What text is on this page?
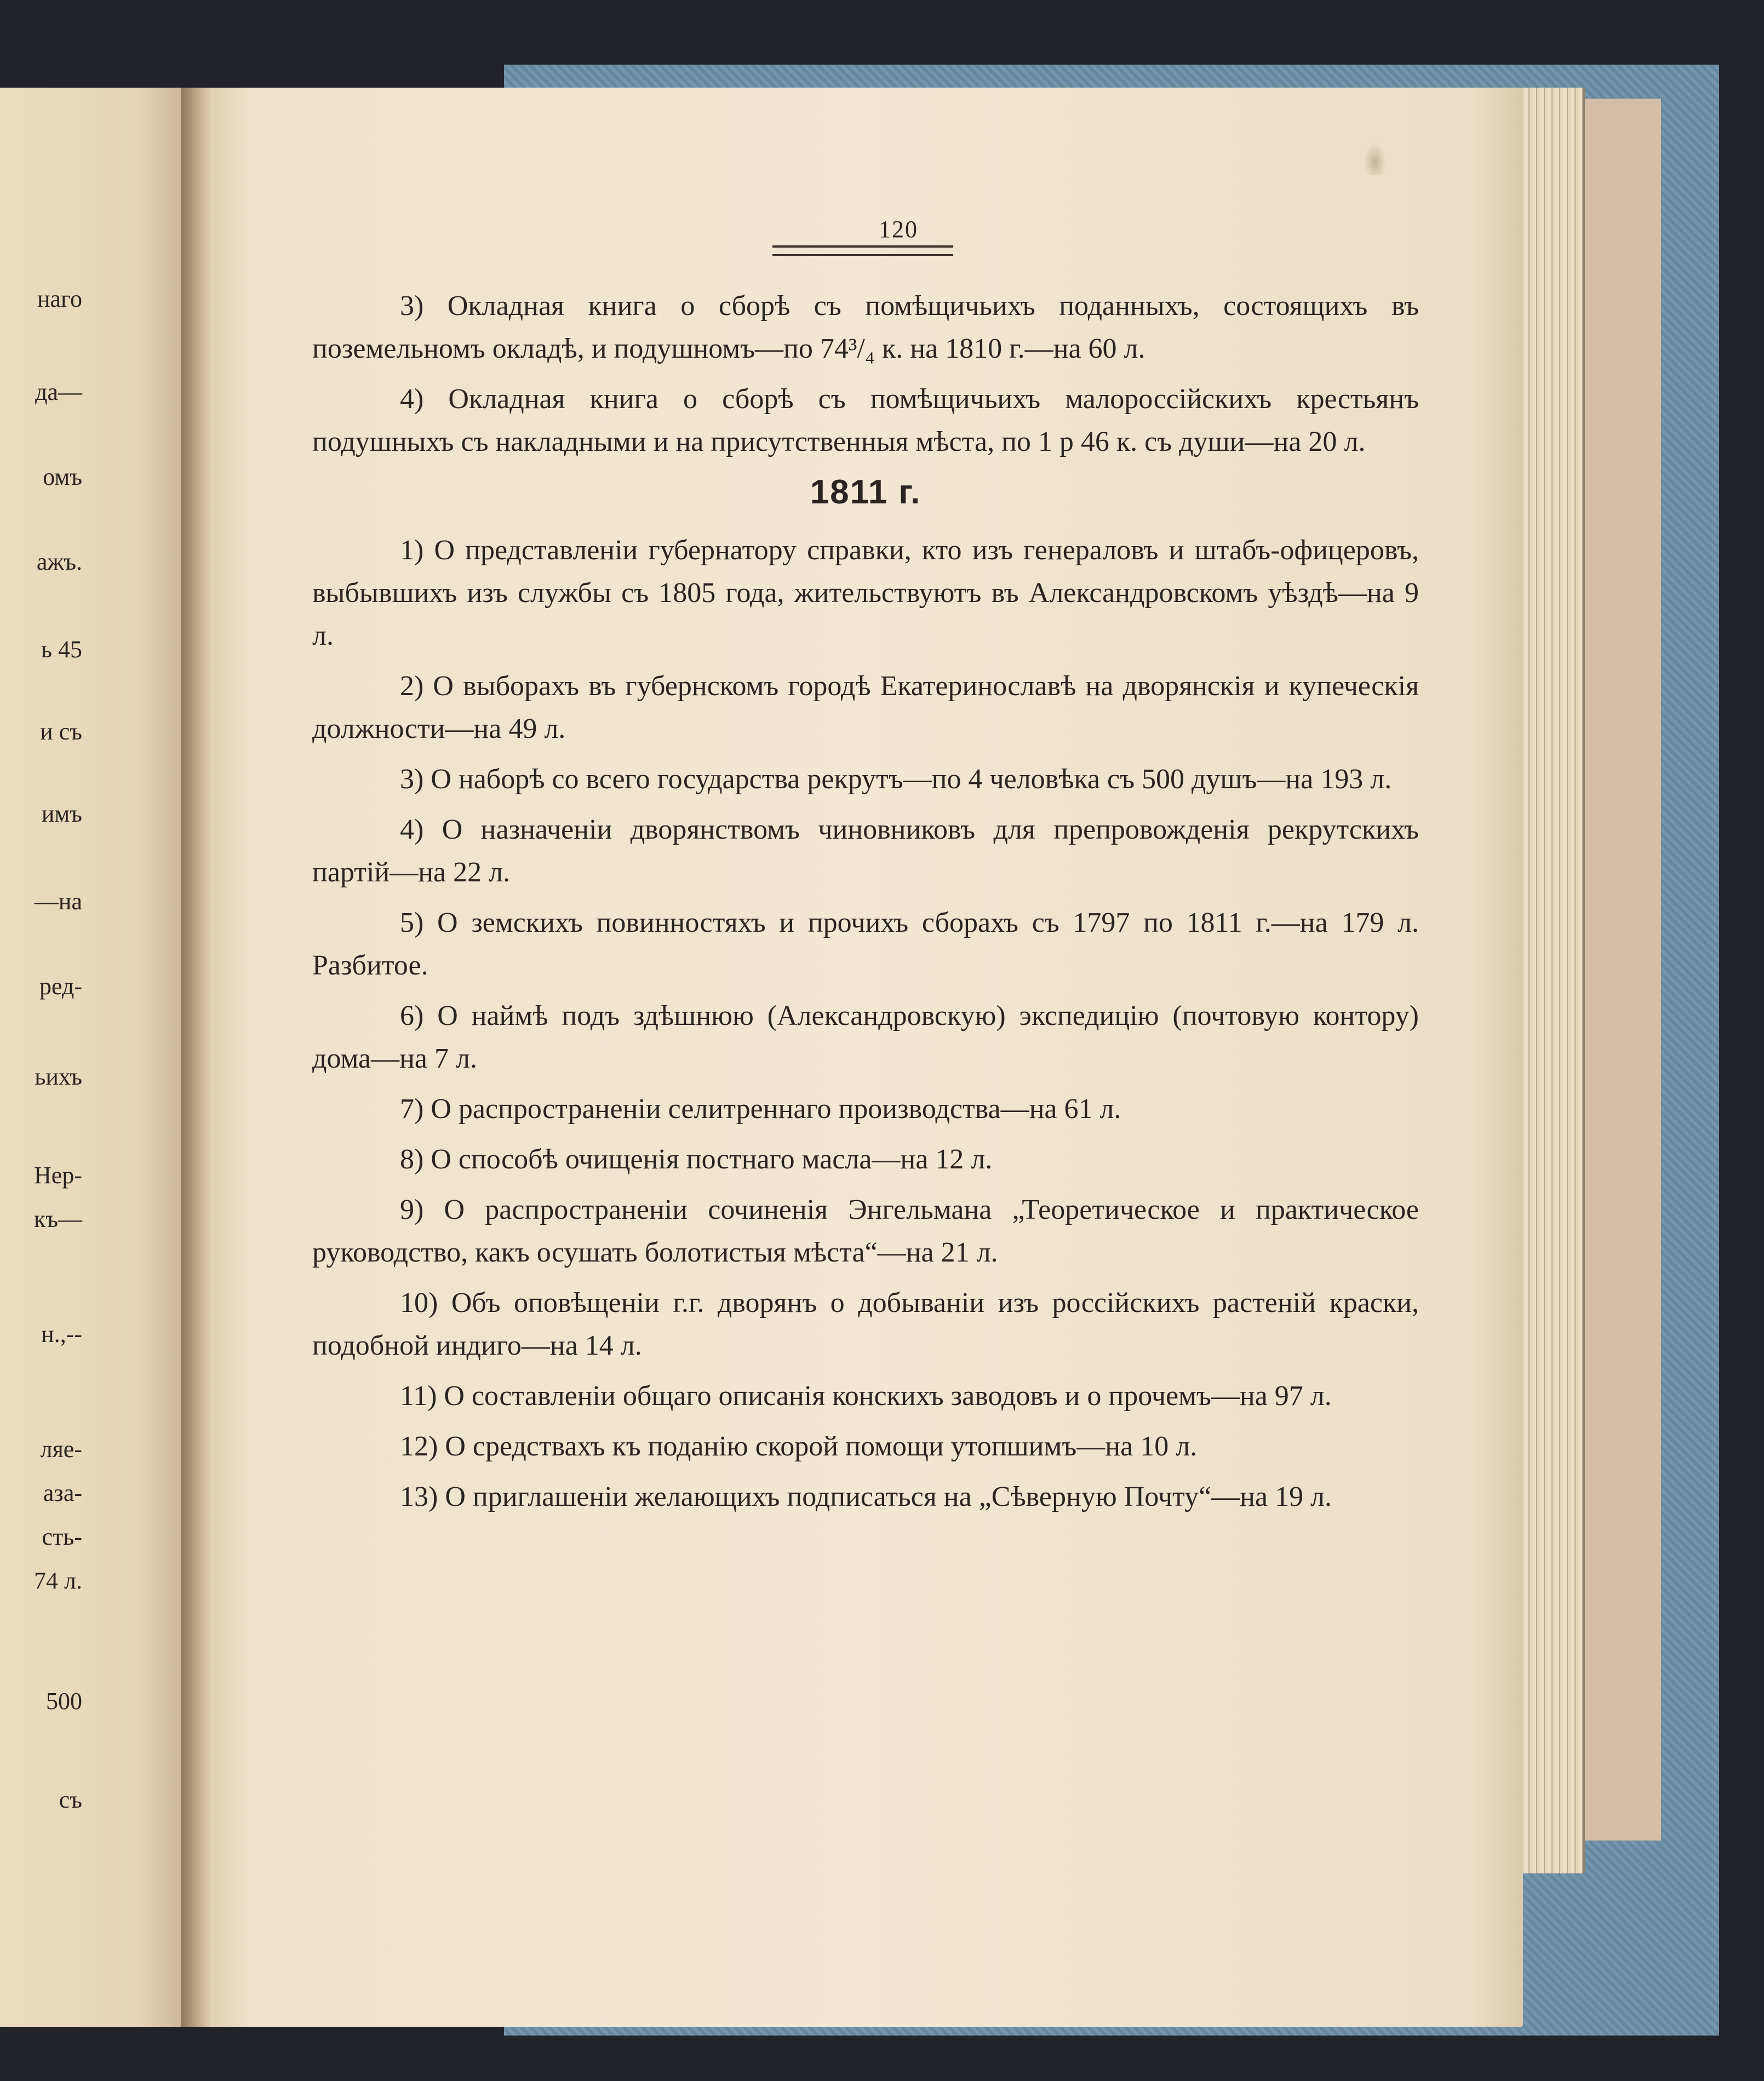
наго
да—
омъ
ажъ.
ь 45
и съ
имъ
—на
ред-
ьихъ
Нер-
къ—
н.,--
ляе-
аза-
сть-
74 л.
500
съ
120

3) Окладная книга о сборѣ съ помѣщичьихъ поданныхъ, состоящихъ въ поземельномъ окладѣ, и подушномъ—по 74³/₄ к. на 1810 г.—на 60 л.

4) Окладная книга о сборѣ съ помѣщичьихъ малороссійскихъ крестьянъ подушныхъ съ накладными и на присутственныя мѣста, по 1 р 46 к. съ души—на 20 л.

1811 г.

1) О представленіи губернатору справки, кто изъ генераловъ и штабъ-офицеровъ, выбывшихъ изъ службы съ 1805 года, жительствуютъ въ Александровскомъ уѣздѣ—на 9 л.

2) О выборахъ въ губернскомъ городѣ Екатеринославѣ на дворянскія и купеческія должности—на 49 л.

3) О наборѣ со всего государства рекрутъ—по 4 человѣка съ 500 душъ—на 193 л.

4) О назначеніи дворянствомъ чиновниковъ для препровожденія рекрутскихъ партій—на 22 л.

5) О земскихъ повинностяхъ и прочихъ сборахъ съ 1797 по 1811 г.—на 179 л. Разбитое.

6) О наймѣ подъ здѣшнюю (Александровскую) экспедицію (почтовую контору) дома—на 7 л.

7) О распространеніи селитреннаго производства—на 61 л.

8) О способѣ очищенія постнаго масла—на 12 л.

9) О распространеніи сочиненія Энгельмана „Теоретическое и практическое руководство, какъ осушать болотистыя мѣста“—на 21 л.

10) Объ оповѣщеніи г.г. дворянъ о добываніи изъ россійскихъ растеній краски, подобной индиго—на 14 л.

11) О составленіи общаго описанія конскихъ заводовъ и о прочемъ—на 97 л.

12) О средствахъ къ поданію скорой помощи утопшимъ—на 10 л.

13) О приглашеніи желающихъ подписаться на „Сѣверную Почту“—на 19 л.
